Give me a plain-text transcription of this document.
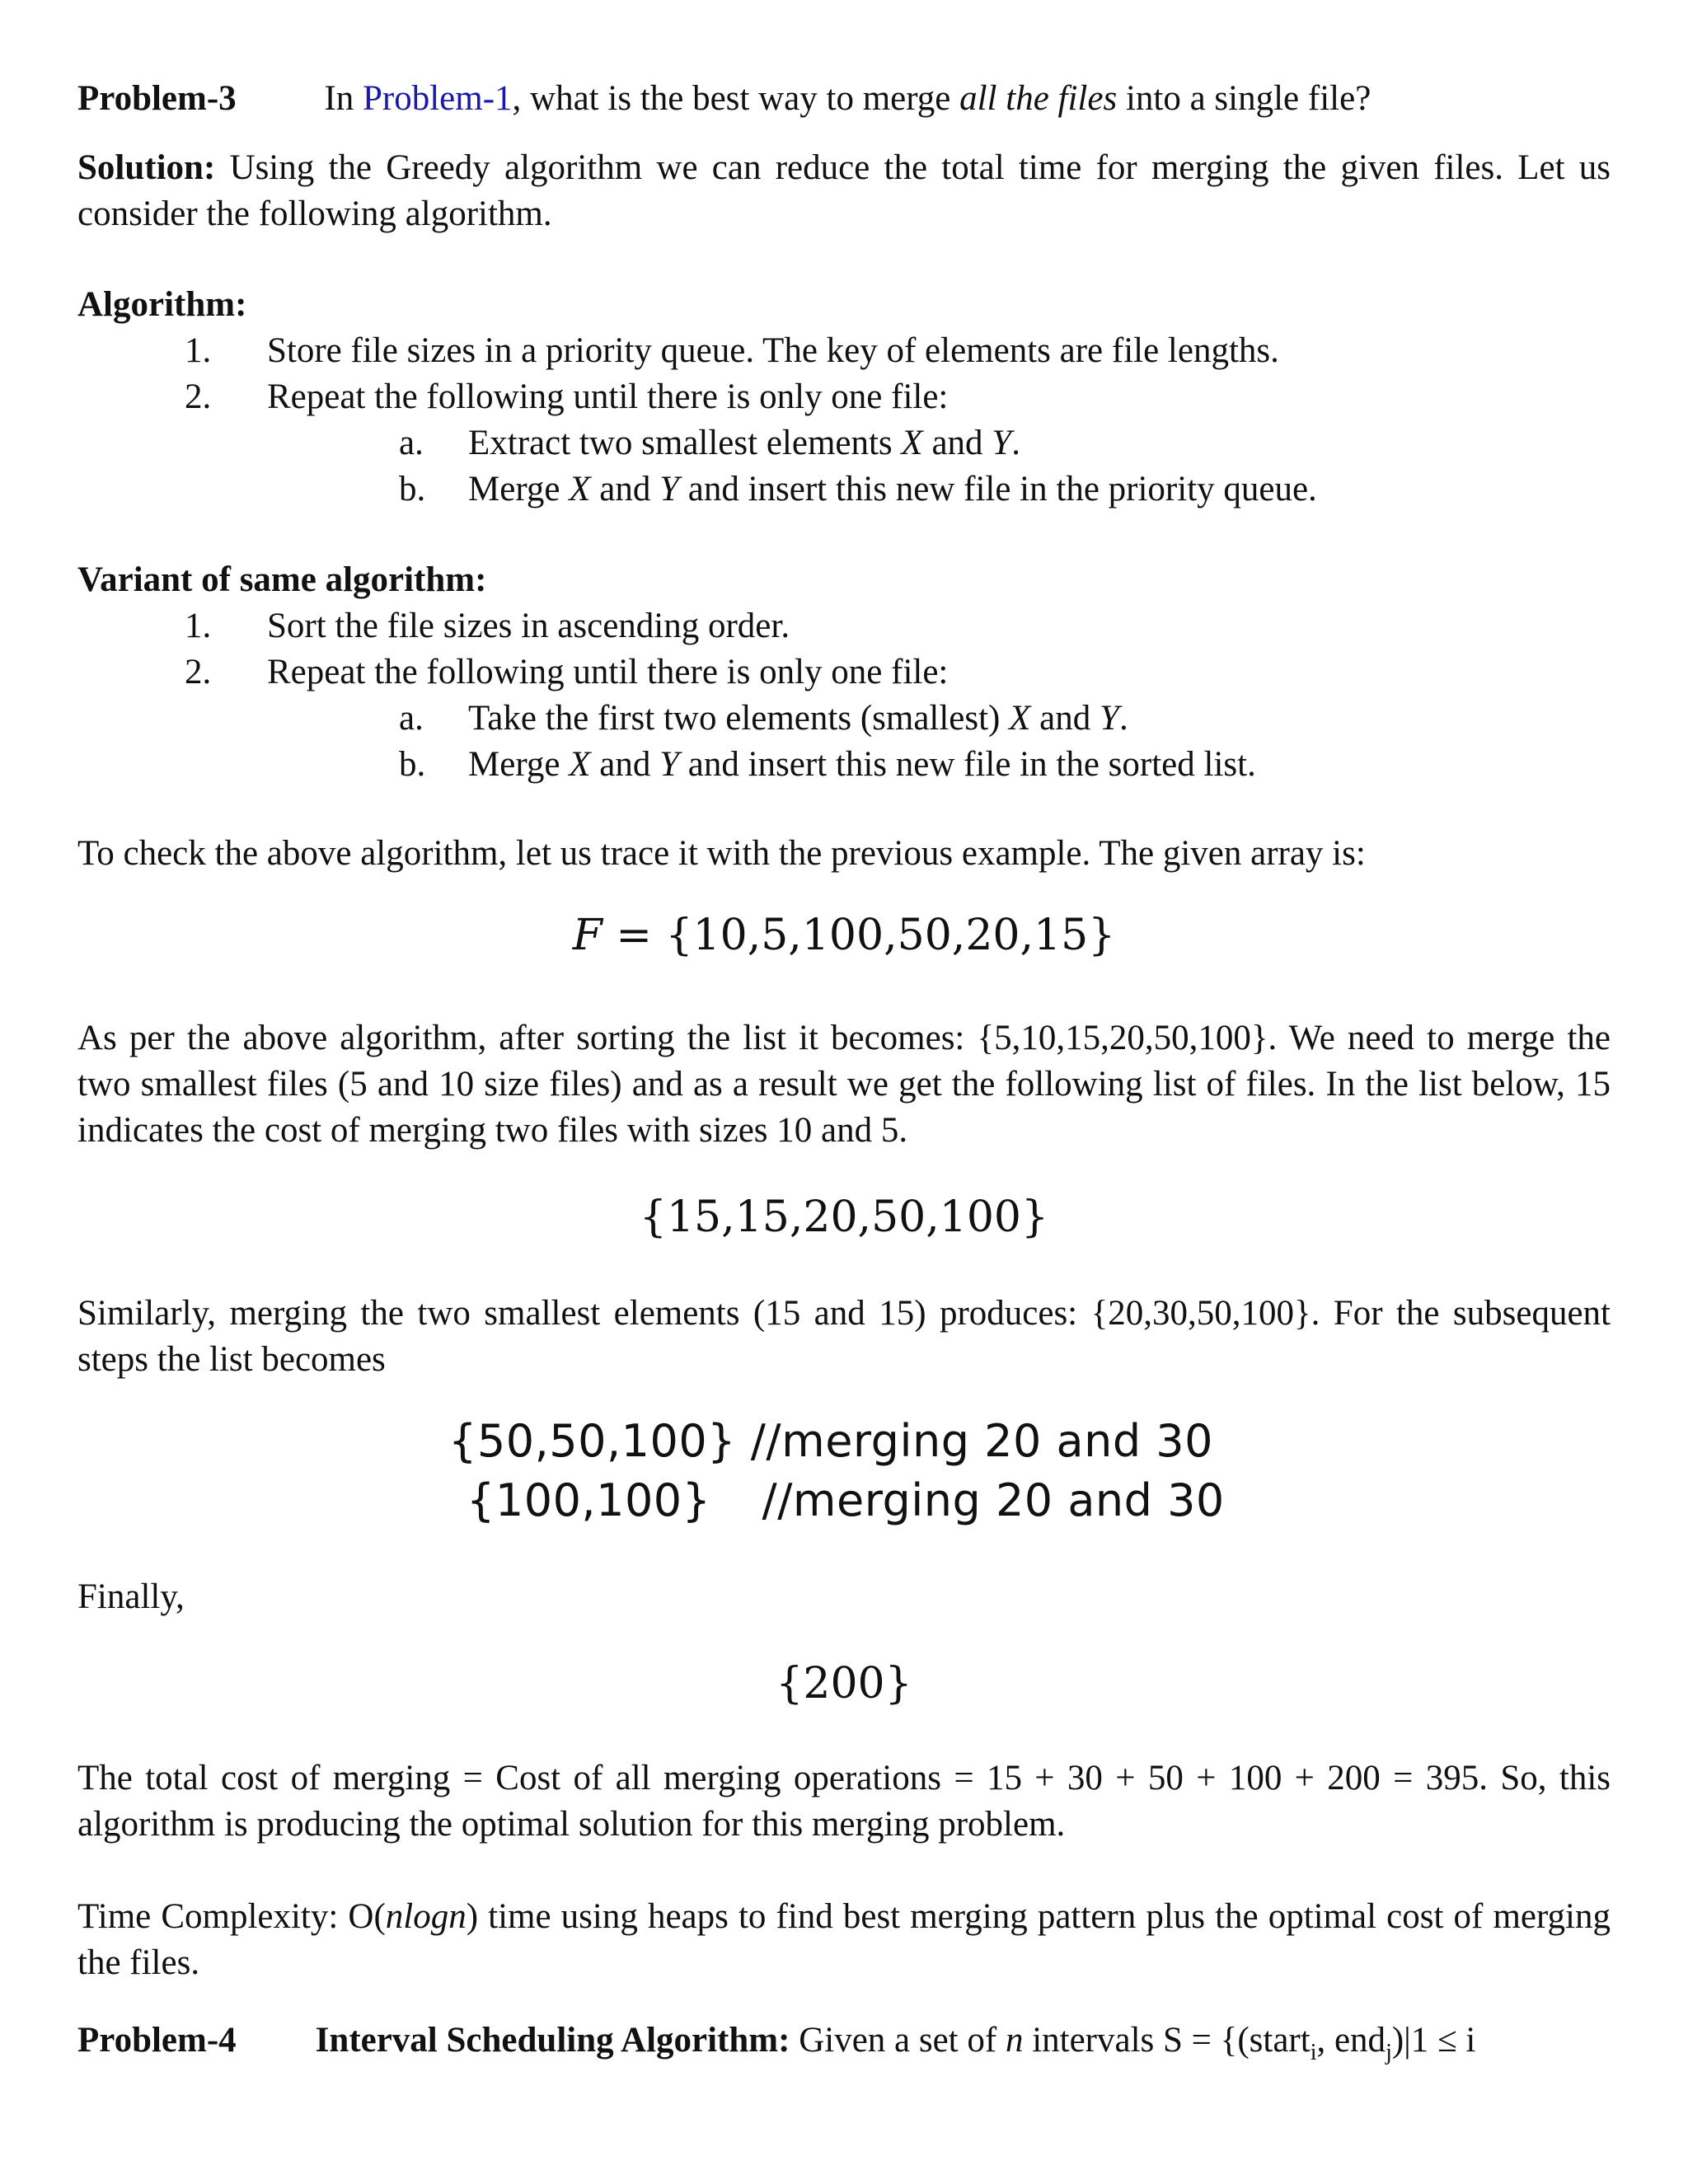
Problem-3 In Problem-1, what is the best way to merge all the files into a single file?

Solution: Using the Greedy algorithm we can reduce the total time for merging the given files. Let us consider the following algorithm.

Algorithm:
1. Store file sizes in a priority queue. The key of elements are file lengths.
2. Repeat the following until there is only one file:
a. Extract two smallest elements X and Y.
b. Merge X and Y and insert this new file in the priority queue.
Variant of same algorithm:
1. Sort the file sizes in ascending order.
2. Repeat the following until there is only one file:
a. Take the first two elements (smallest) X and Y.
b. Merge X and Y and insert this new file in the sorted list.

To check the above algorithm, let us trace it with the previous example. The given array is:

F = {10,5,100,50,20,15}

As per the above algorithm, after sorting the list it becomes: {5,10,15,20,50,100}. We need to merge the two smallest files (5 and 10 size files) and as a result we get the following list of files. In the list below, 15 indicates the cost of merging two files with sizes 10 and 5.

{15,15,20,50,100}

Similarly, merging the two smallest elements (15 and 15) produces: {20,30,50,100}. For the subsequent steps the list becomes

{50,50,100} //merging 20 and 30
{100,100} //merging 20 and 30

Finally,

{200}

The total cost of merging = Cost of all merging operations = 15 + 30 + 50 + 100 + 200 = 395. So, this algorithm is producing the optimal solution for this merging problem.

Time Complexity: O(nlogn) time using heaps to find best merging pattern plus the optimal cost of merging the files.

Problem-4 Interval Scheduling Algorithm: Given a set of n intervals S = {(start$_i$, end$_j$)|1 ≤ i
